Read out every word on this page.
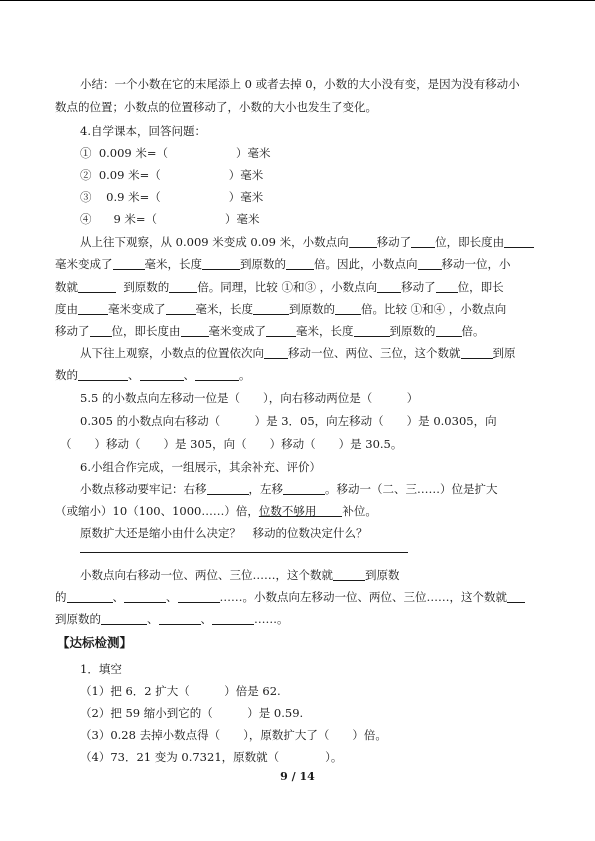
小结：一个小数在它的末尾添上 0 或者去掉 0，小数的大小没有变，是因为没有移动小
数点的位置；小数点的位置移动了，小数的大小也发生了变化。
4.自学课本，回答问题：
① 0.009 米=（	）毫米
② 0.09 米=（	）毫米
③ 0.9 米=（	）毫米
④ 9 米=（	）毫米
从上往下观察，从 0.009 米变成 0.09 米，小数点向 移动了 位，即长度由
毫米变成了	毫米，长度	到原数的 倍。因此，小数点向 移动一位，小
数就	到原数的 倍。同理，比较 ①和③ ，小数点向 移动了 位，即长
度由	毫米变成了	毫米，长度	到原数的 倍。比较 ①和④ ，小数点向
移动了 位，即长度由 毫米变成了	毫米，长度	到原数的 倍。
从下往上观察，小数点的位置依次向 移动一位、两位、三位，这个数就	到原
数的	、	、	。
5.5 的小数点向左移动一位是（　　），向右移动两位是（　　　）
0.305 的小数点向右移动（　　　）是 3．05，向左移动（　　）是 0.0305，向
（　　）移动（　　）是 305，向（　　）移动（　　）是 30.5。
6.小组合作完成，一组展示，其余补充、评价）
小数点移动要牢记：右移	，左移	。移动一（二、三……）位是扩大
（或缩小）10（100、1000……）倍，位数不够用 补位。
原数扩大还是缩小由什么决定？　移动的位数决定什么？
小数点向右移动一位、两位、三位……，这个数就	到原数
的	、	、	……。小数点向左移动一位、两位、三位……，这个数就
到原数的	、	、	……。
【达标检测】
1．填空
（1）把 6．2 扩大（　　　）倍是 62.
（2）把 59 缩小到它的（　　　）是 0.59.
（3）0.28 去掉小数点得（　　），原数扩大了（　　）倍。
（4）73．21 变为 0.7321，原数就（　　　　）。
9 / 14
